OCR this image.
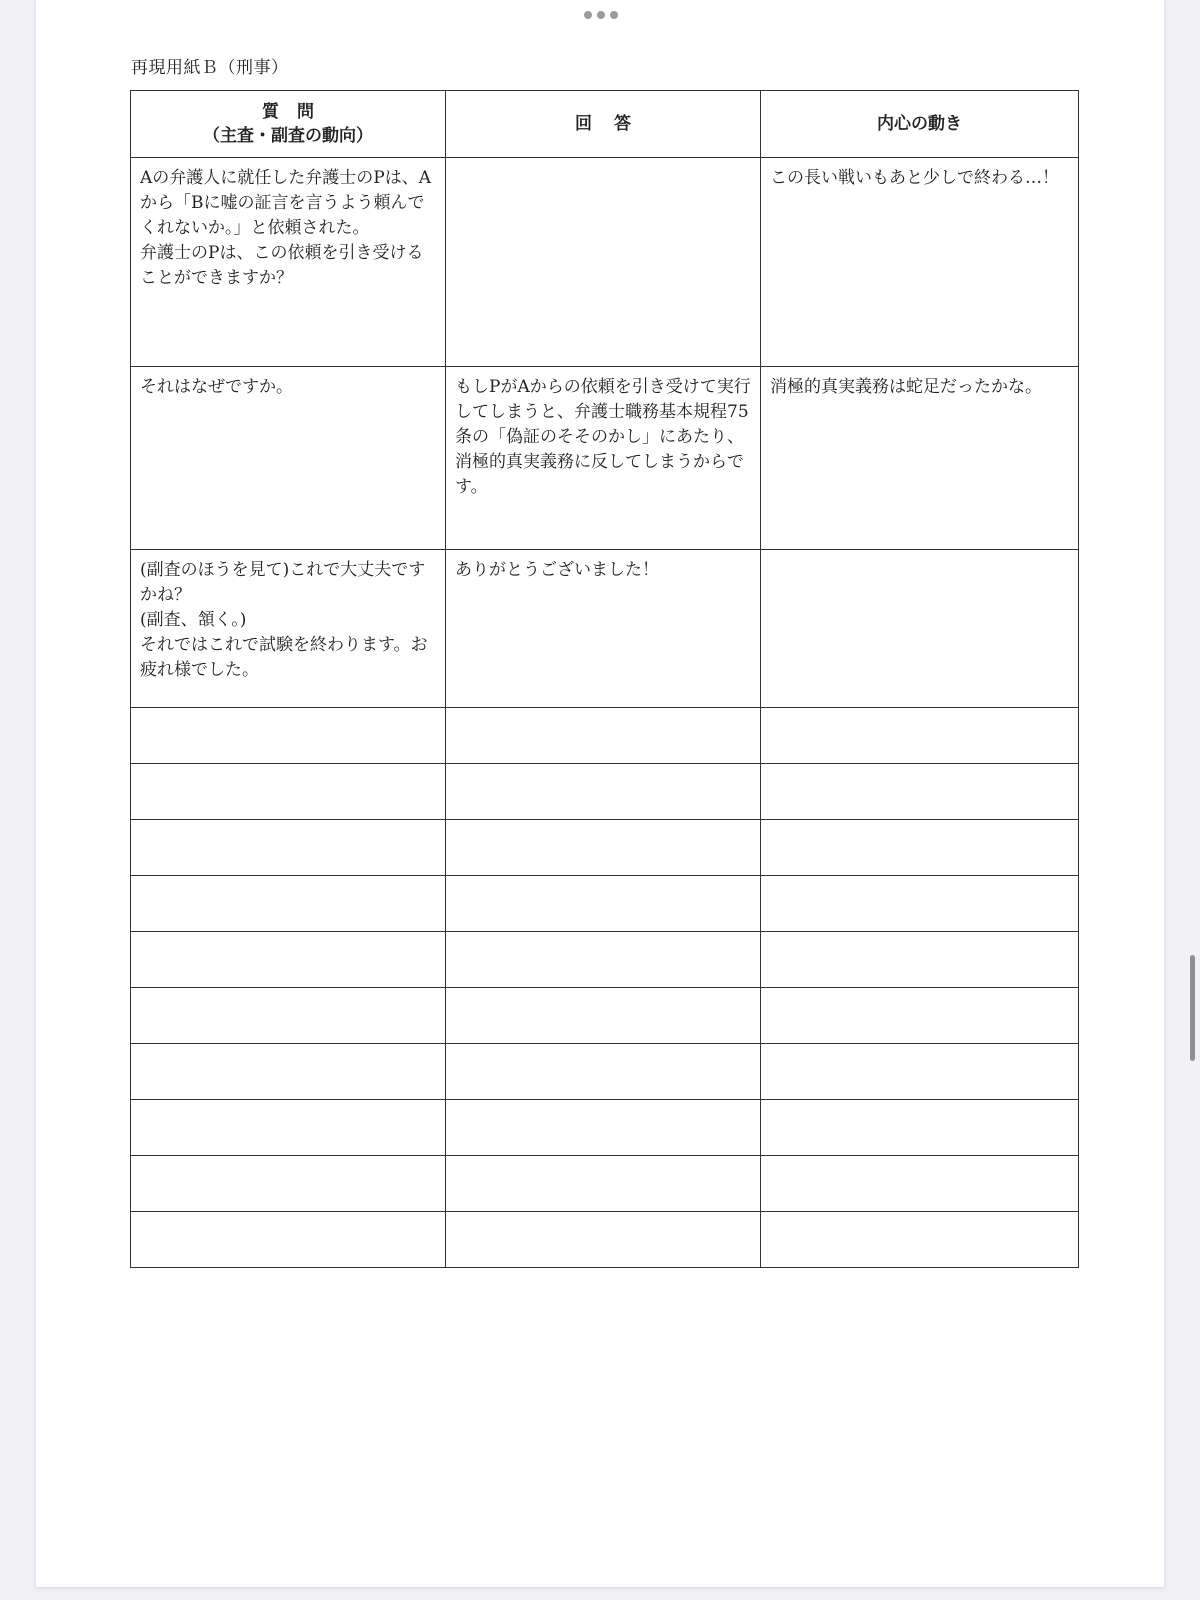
再現用紙Ｂ（刑事）
質問
（主査・副査の動向）	回答	内心の動き

Aの弁護人に就任した弁護士のPは、Aから「Bに嘘の証言を言うよう頼んでくれないか。」と依頼された。
弁護士のPは、この依頼を引き受けることができますか？		この長い戦いもあと少しで終わる…！

それはなぜですか。	もしPがAからの依頼を引き受けて実行してしまうと、弁護士職務基本規程75条の「偽証のそそのかし」にあたり、消極的真実義務に反してしまうからです。	消極的真実義務は蛇足だったかな。

(副査のほうを見て)これで大丈夫ですかね？
(副査、頷く。)
それではこれで試験を終わります。お疲れ様でした。	ありがとうございました！	
